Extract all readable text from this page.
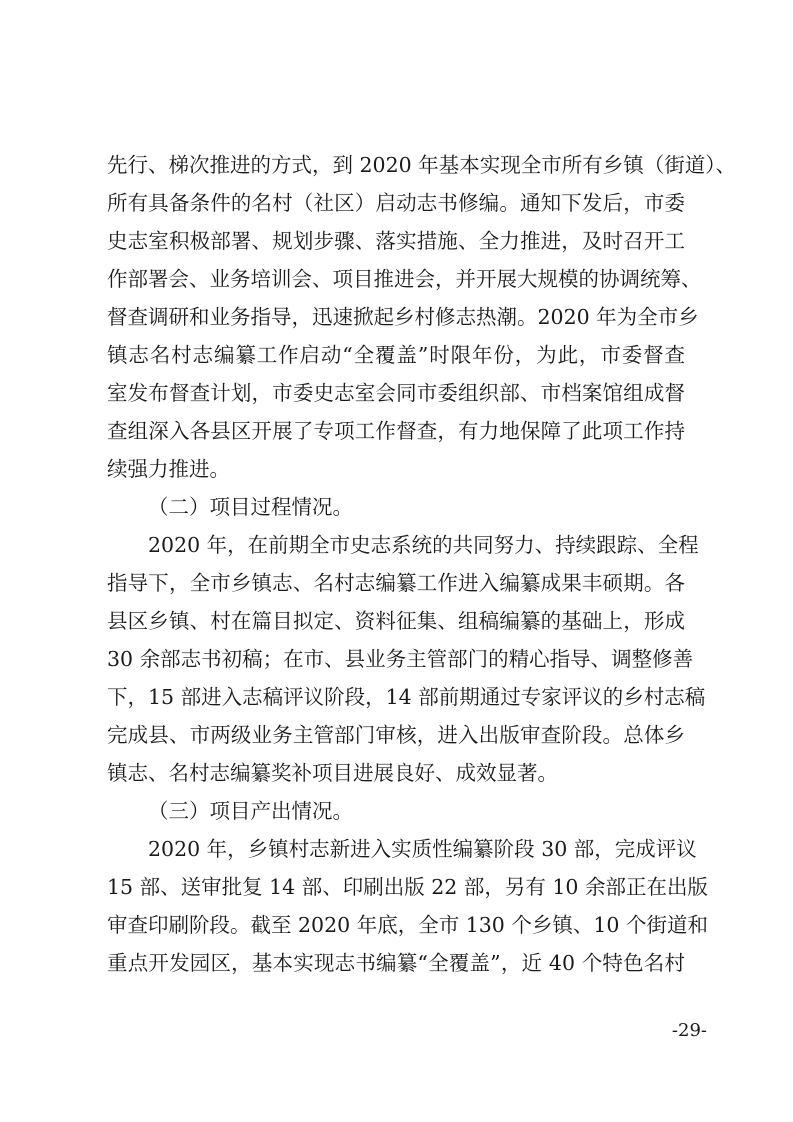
先行、梯次推进的方式，到 2020 年基本实现全市所有乡镇（街道）、
所有具备条件的名村（社区）启动志书修编。通知下发后，市委
史志室积极部署、规划步骤、落实措施、全力推进，及时召开工
作部署会、业务培训会、项目推进会，并开展大规模的协调统筹、
督查调研和业务指导，迅速掀起乡村修志热潮。2020 年为全市乡
镇志名村志编纂工作启动“全覆盖”时限年份，为此，市委督查
室发布督查计划，市委史志室会同市委组织部、市档案馆组成督
查组深入各县区开展了专项工作督查，有力地保障了此项工作持
续强力推进。
（二）项目过程情况。
2020 年，在前期全市史志系统的共同努力、持续跟踪、全程
指导下，全市乡镇志、名村志编纂工作进入编纂成果丰硕期。各
县区乡镇、村在篇目拟定、资料征集、组稿编纂的基础上，形成
30 余部志书初稿；在市、县业务主管部门的精心指导、调整修善
下，15 部进入志稿评议阶段，14 部前期通过专家评议的乡村志稿
完成县、市两级业务主管部门审核，进入出版审查阶段。总体乡
镇志、名村志编纂奖补项目进展良好、成效显著。
（三）项目产出情况。
2020 年，乡镇村志新进入实质性编纂阶段 30 部，完成评议
15 部、送审批复 14 部、印刷出版 22 部，另有 10 余部正在出版
审查印刷阶段。截至 2020 年底，全市 130 个乡镇、10 个街道和
重点开发园区，基本实现志书编纂“全覆盖”，近 40 个特色名村
-29-
